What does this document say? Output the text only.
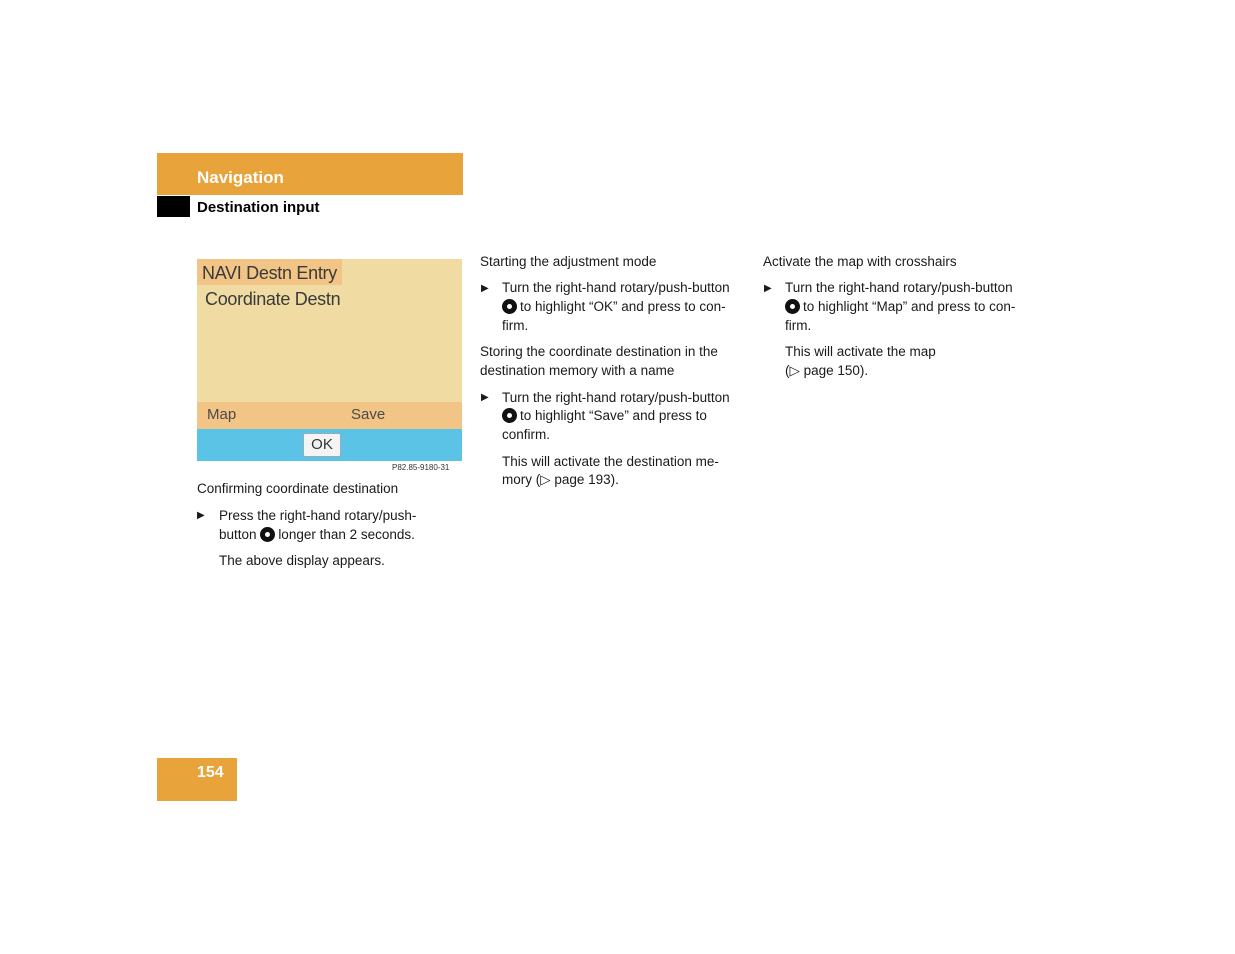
Navigation
Destination input
NAVI Destn Entry
Coordinate Destn
Map	Save
OK
P82.85-9180-31
Confirming coordinate destination
▶ Press the right-hand rotary/push-
button longer than 2 seconds.
The above display appears.
Starting the adjustment mode
▶ Turn the right-hand rotary/push-button
to highlight “OK” and press to con-
firm.
Storing the coordinate destination in the
destination memory with a name
▶ Turn the right-hand rotary/push-button
to highlight “Save” and press to
confirm.
This will activate the destination me-
mory (▷ page 193).
Activate the map with crosshairs
▶ Turn the right-hand rotary/push-button
to highlight “Map” and press to con-
firm.
This will activate the map
(▷ page 150).
154
